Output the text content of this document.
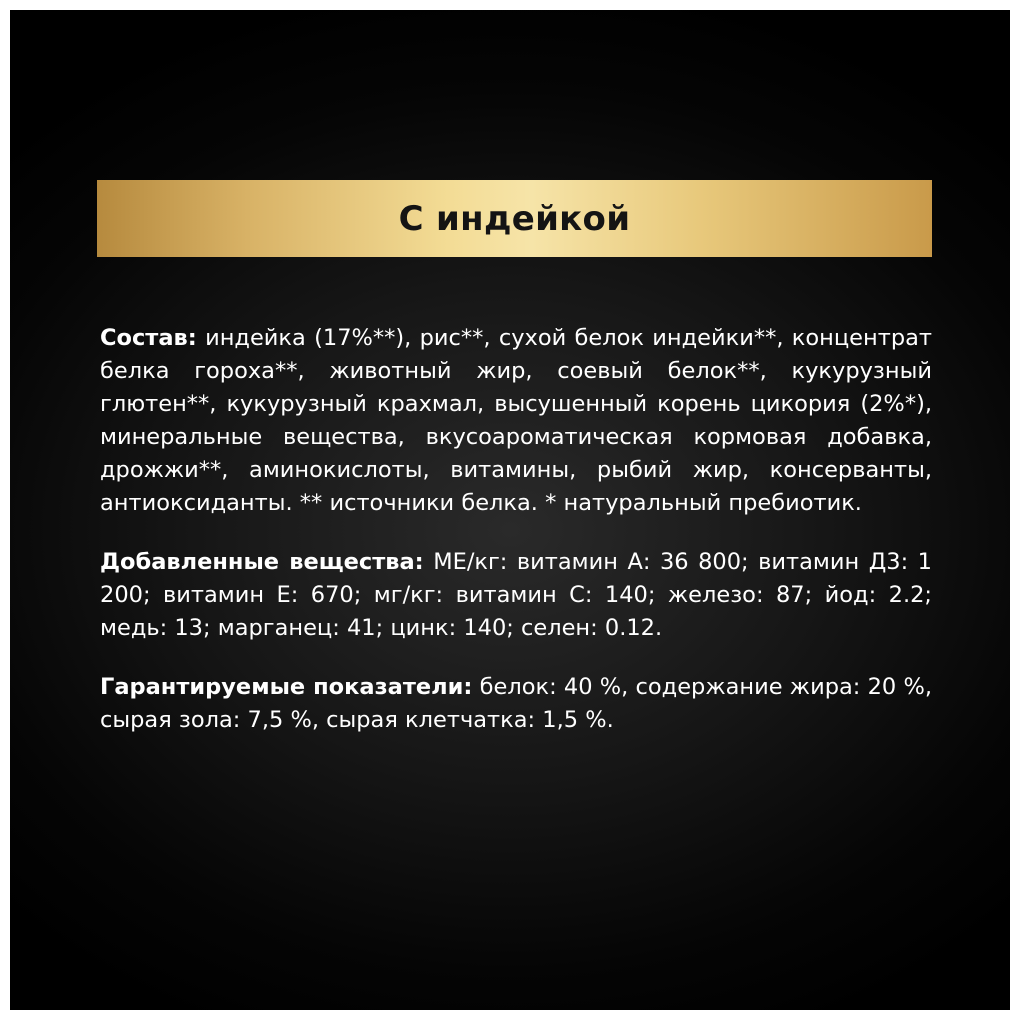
С индейкой

Состав: индейка (17%**), рис**, сухой белок индейки**, концентрат белка гороха**, животный жир, соевый белок**, кукурузный глютен**, кукурузный крахмал, высушенный корень цикория (2%*), минеральные вещества, вкусоароматическая кормовая добавка, дрожжи**, аминокислоты, витамины, рыбий жир, консерванты, антиоксиданты. ** источники белка. * натуральный пребиотик.

Добавленные вещества: МЕ/кг: витамин А: 36 800; витамин Д3: 1 200; витамин Е: 670; мг/кг: витамин С: 140; железо: 87; йод: 2.2; медь: 13; марганец: 41; цинк: 140; селен: 0.12.

Гарантируемые показатели: белок: 40 %, содержание жира: 20 %, сырая зола: 7,5 %, сырая клетчатка: 1,5 %.
